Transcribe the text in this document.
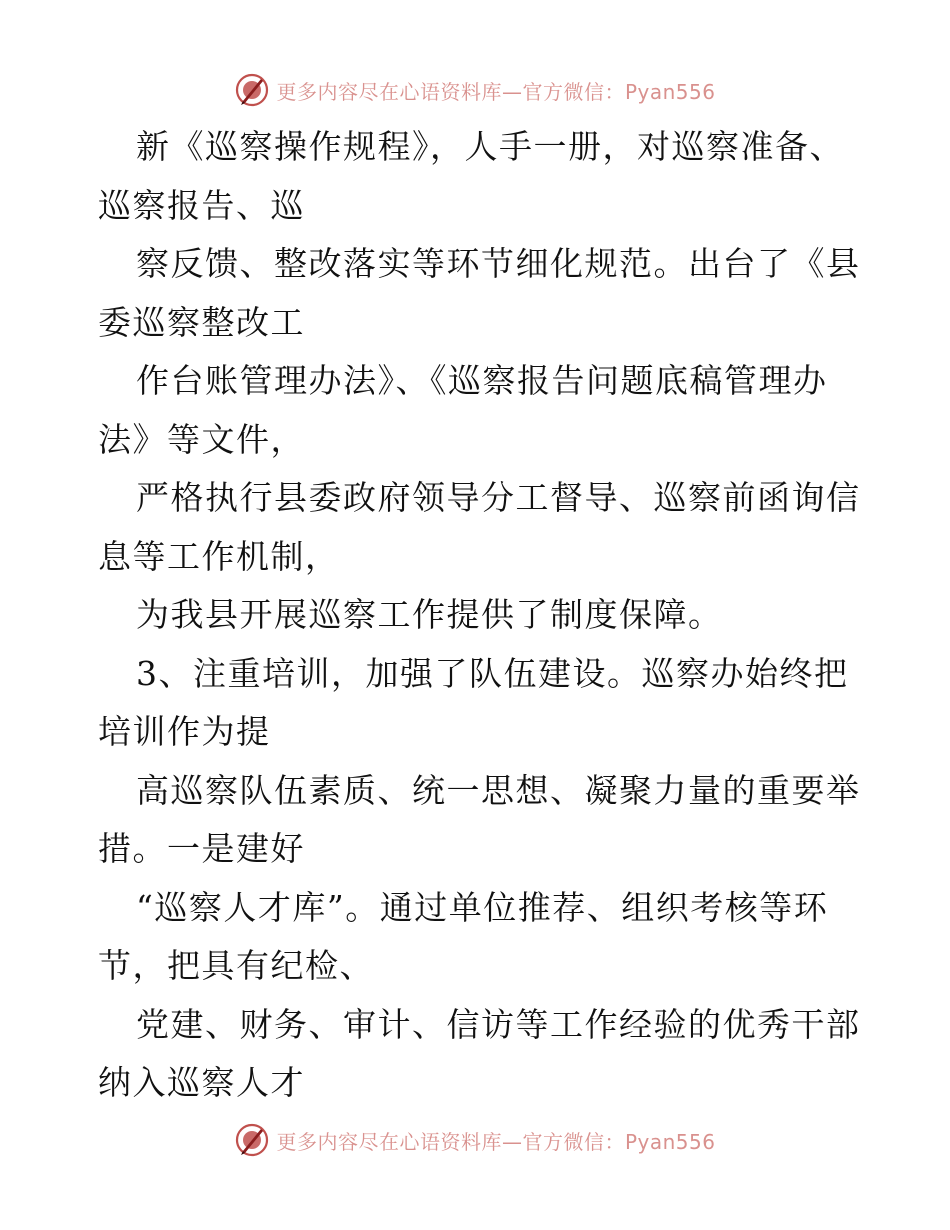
更多内容尽在心语资料库—官方微信：Pyan556
新《巡察操作规程》，人手一册，对巡察准备、
巡察报告、巡
察反馈、整改落实等环节细化规范。出台了《县
委巡察整改工
作台账管理办法》、《巡察报告问题底稿管理办
法》等文件，
严格执行县委政府领导分工督导、巡察前函询信
息等工作机制，
为我县开展巡察工作提供了制度保障。
3、注重培训，加强了队伍建设。巡察办始终把
培训作为提
高巡察队伍素质、统一思想、凝聚力量的重要举
措。一是建好
“巡察人才库”。通过单位推荐、组织考核等环
节，把具有纪检、
党建、财务、审计、信访等工作经验的优秀干部
纳入巡察人才
更多内容尽在心语资料库—官方微信：Pyan556
